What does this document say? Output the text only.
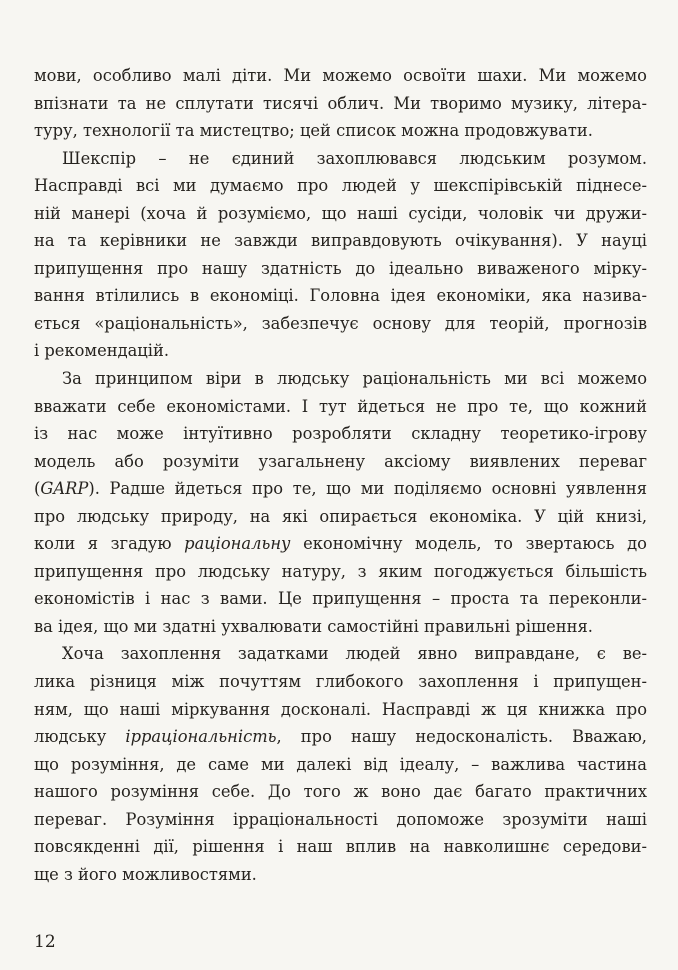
мови, особливо малі діти. Ми можемо освоїти шахи. Ми можемо
впізнати та не сплутати тисячі облич. Ми творимо музику, літера-
туру, технології та мистецтво; цей список можна продовжувати.
Шекспір – не єдиний захоплювався людським розумом.
Насправді всі ми думаємо про людей у шекспірівській піднесе-
ній манері (хоча й розуміємо, що наші сусіди, чоловік чи дружи-
на та керівники не завжди виправдовують очікування). У науці
припущення про нашу здатність до ідеально виваженого мірку-
вання втілились в економіці. Головна ідея економіки, яка назива-
ється «раціональність», забезпечує основу для теорій, прогнозів
і рекомендацій.
За принципом віри в людську раціональність ми всі можемо
вважати себе економістами. І тут йдеться не про те, що кожний
із нас може інтуїтивно розробляти складну теоретико-ігрову
модель або розуміти узагальнену аксіому виявлених переваг
(GARP). Радше йдеться про те, що ми поділяємо основні уявлення
про людську природу, на які опирається економіка. У цій книзі,
коли я згадую раціональну економічну модель, то звертаюсь до
припущення про людську натуру, з яким погоджується більшість
економістів і нас з вами. Це припущення – проста та переконли-
ва ідея, що ми здатні ухвалювати самостійні правильні рішення.
Хоча захоплення задатками людей явно виправдане, є ве-
лика різниця між почуттям глибокого захоплення і припущен-
ням, що наші міркування досконалі. Насправді ж ця книжка про
людську ірраціональність, про нашу недосконалість. Вважаю,
що розуміння, де саме ми далекі від ідеалу, – важлива частина
нашого розуміння себе. До того ж воно дає багато практичних
переваг. Розуміння ірраціональності допоможе зрозуміти наші
повсякденні дії, рішення і наш вплив на навколишнє середови-
ще з його можливостями.
12
